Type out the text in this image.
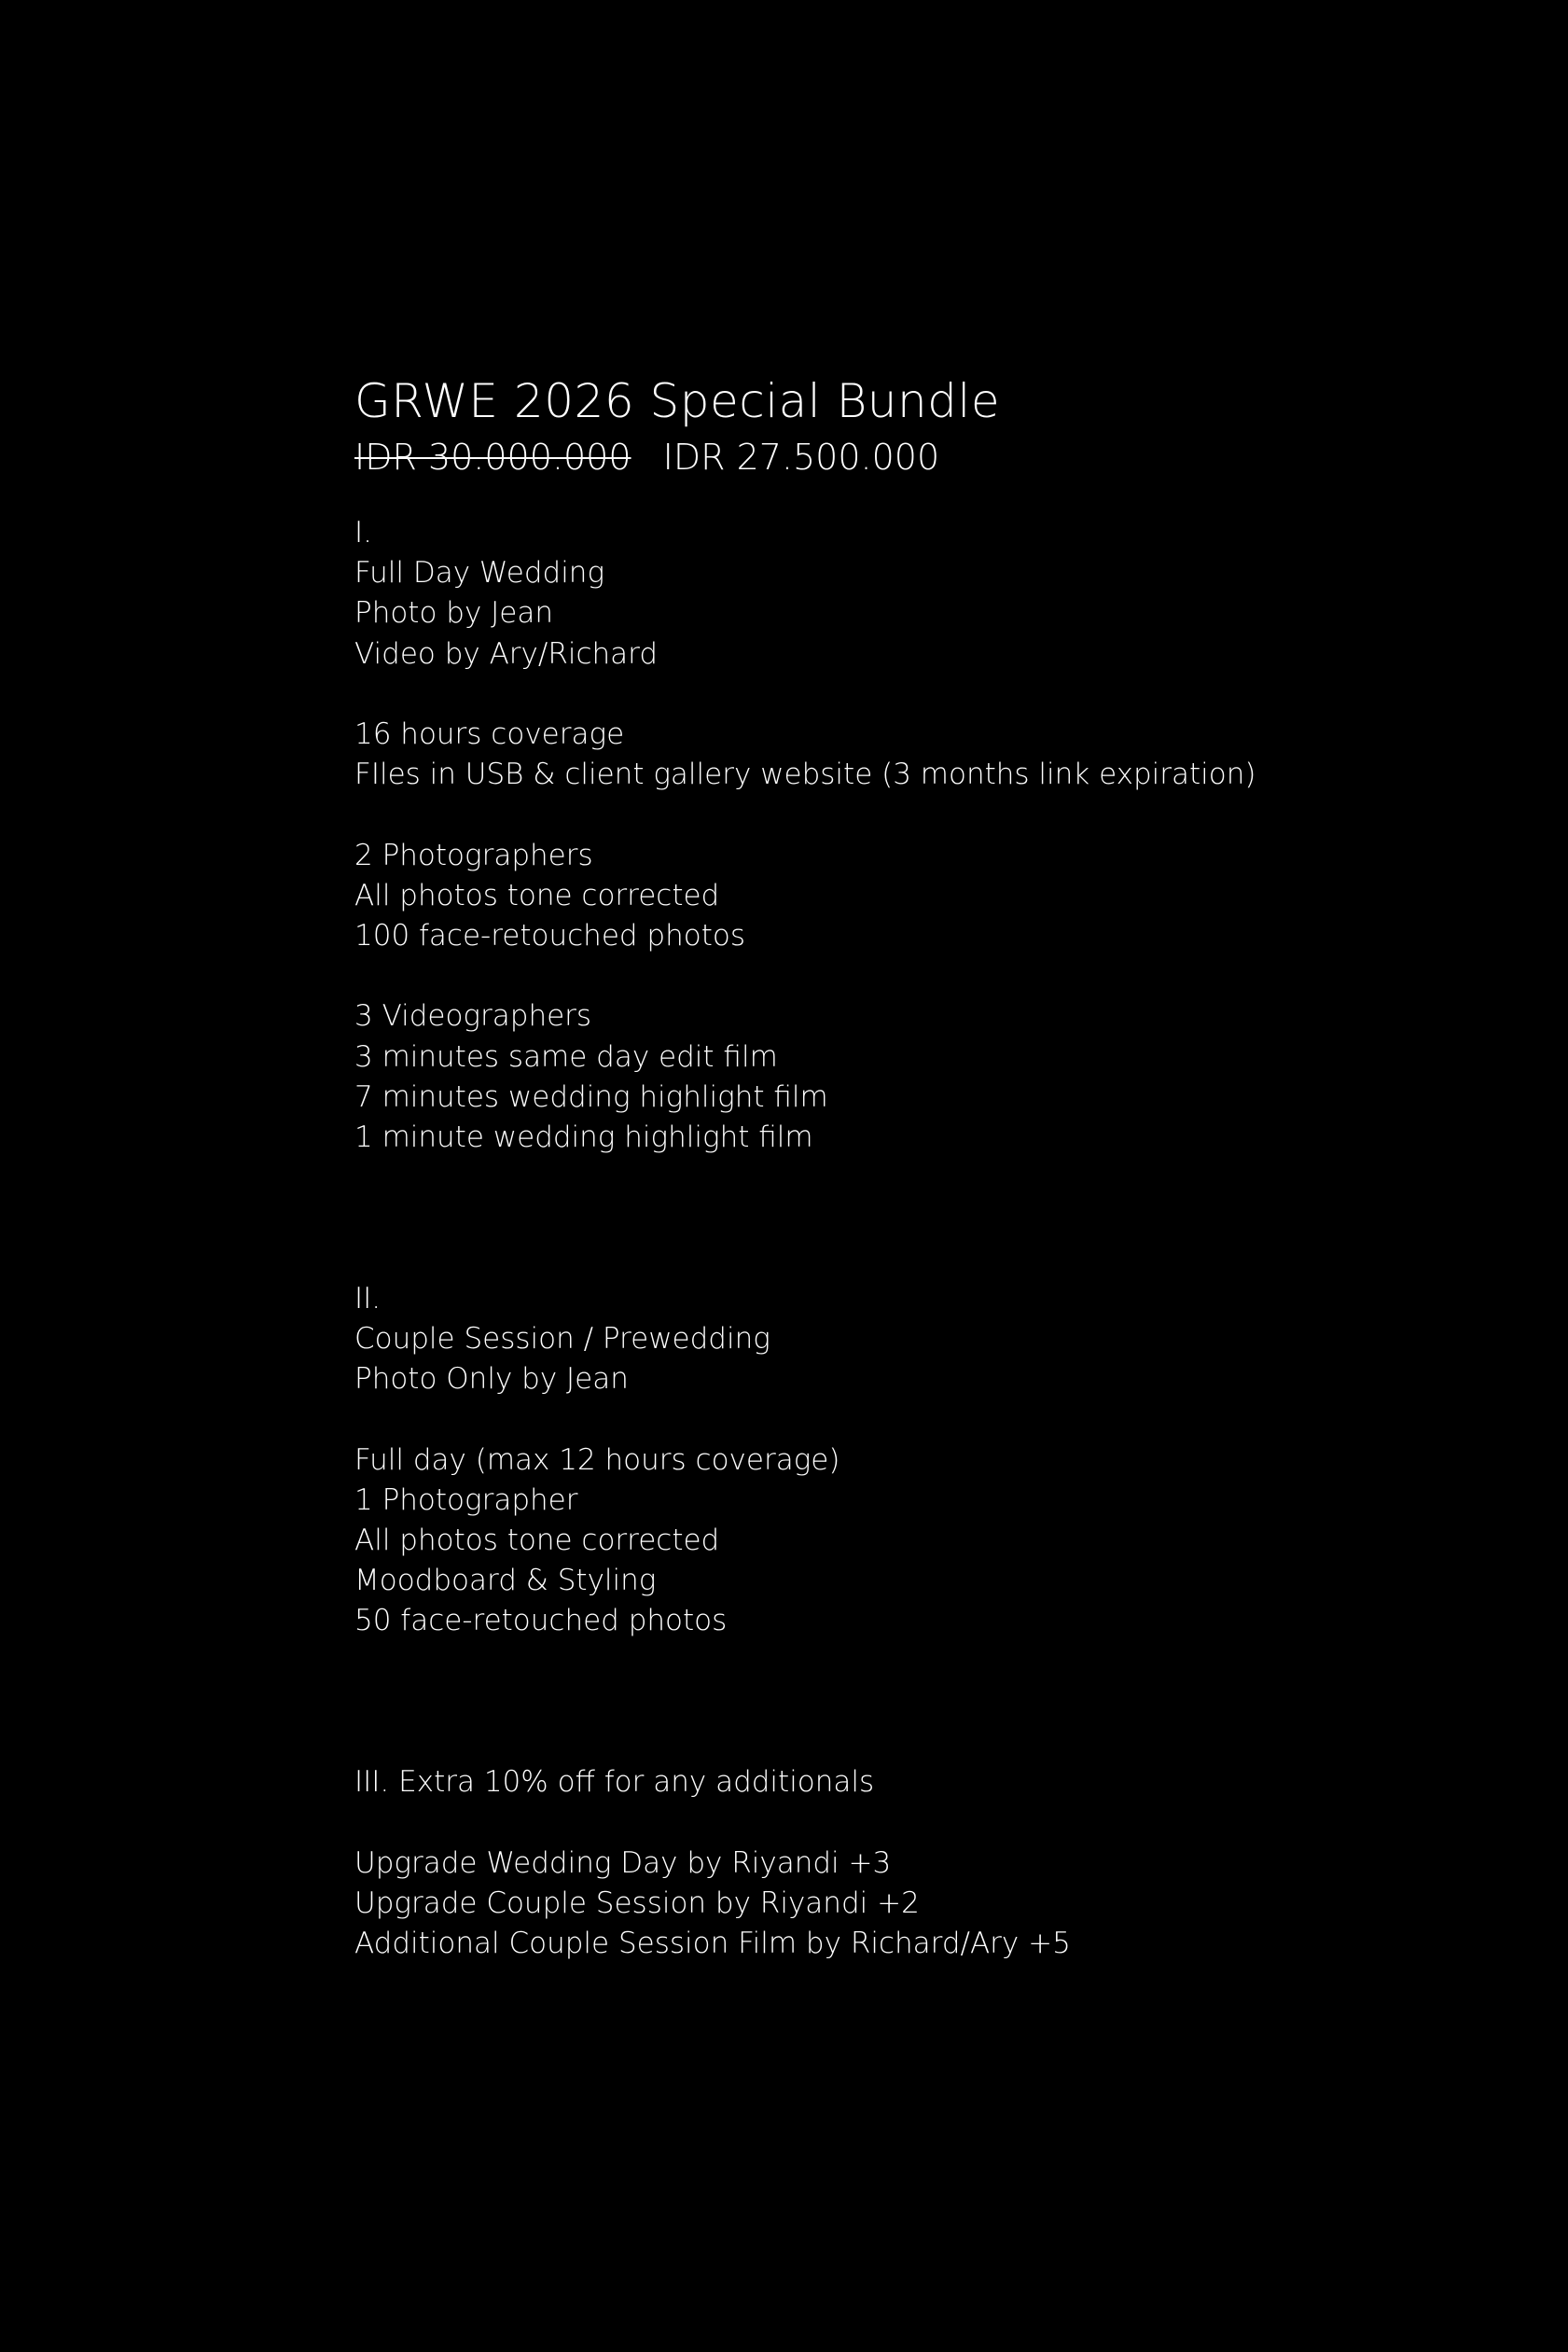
GRWE 2026 Special Bundle
IDR 30.000.000 IDR 27.500.000
I.
Full Day Wedding
Photo by Jean
Video by Ary/Richard
16 hours coverage
FIles in USB & client gallery website (3 months link expiration)
2 Photographers
All photos tone corrected
100 face-retouched photos
3 Videographers
3 minutes same day edit film
7 minutes wedding highlight film
1 minute wedding highlight film
II.
Couple Session / Prewedding
Photo Only by Jean
Full day (max 12 hours coverage)
1 Photographer
All photos tone corrected
Moodboard & Styling
50 face-retouched photos
III. Extra 10% off for any additionals
Upgrade Wedding Day by Riyandi +3
Upgrade Couple Session by Riyandi +2
Additional Couple Session Film by Richard/Ary +5
